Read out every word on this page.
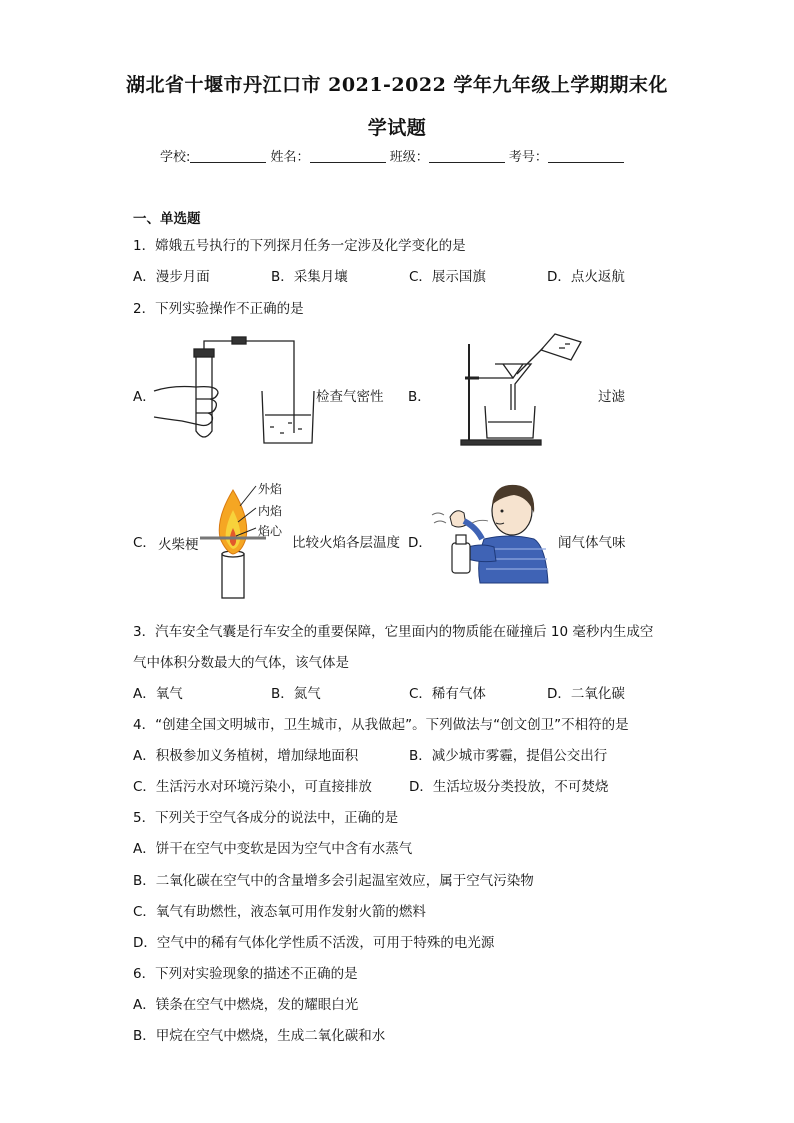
湖北省十堰市丹江口市 2021-2022 学年九年级上学期期末化
学试题
学校:	姓名：	班级：	考号：
一、单选题
1．嫦娥五号执行的下列探月任务一定涉及化学变化的是
A．漫步月面	B．采集月壤	C．展示国旗	D．点火返航
2．下列实验操作不正确的是
A．	检查气密性 B．	过滤
C． 火柴梗
外焰
内焰
焰心
比较火焰各层温度 D．	闻气体气味
3．汽车安全气囊是行车安全的重要保障，它里面内的物质能在碰撞后 10 毫秒内生成空
气中体积分数最大的气体，该气体是
A．氧气	B．氮气	C．稀有气体	D．二氧化碳
4．“创建全国文明城市，卫生城市，从我做起”。下列做法与“创文创卫”不相符的是
A．积极参加义务植树，增加绿地面积	B．减少城市雾霾，提倡公交出行
C．生活污水对环境污染小，可直接排放	D．生活垃圾分类投放，不可焚烧
5．下列关于空气各成分的说法中，正确的是
A．饼干在空气中变软是因为空气中含有水蒸气
B．二氧化碳在空气中的含量增多会引起温室效应，属于空气污染物
C．氧气有助燃性，液态氧可用作发射火箭的燃料
D．空气中的稀有气体化学性质不活泼，可用于特殊的电光源
6．下列对实验现象的描述不正确的是
A．镁条在空气中燃烧，发的耀眼白光
B．甲烷在空气中燃烧，生成二氧化碳和水
